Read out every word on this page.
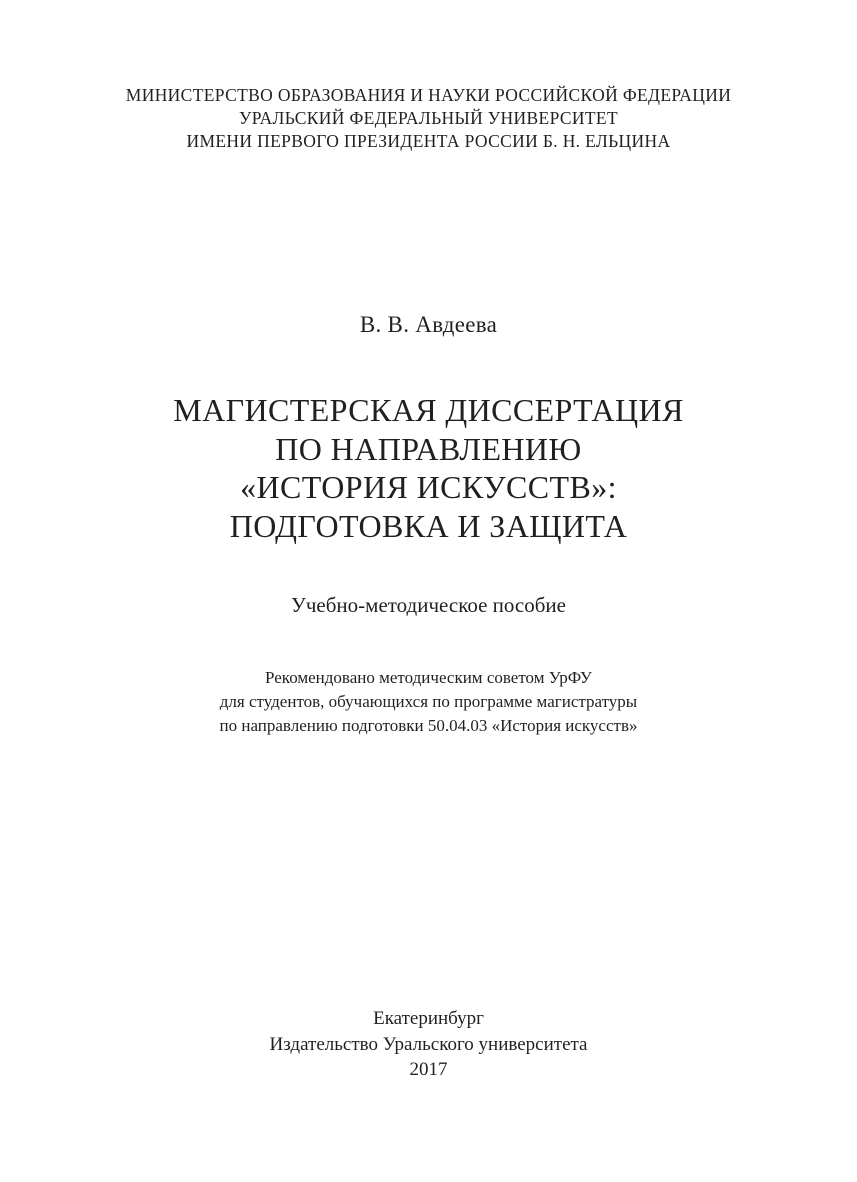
МИНИСТЕРСТВО ОБРАЗОВАНИЯ И НАУКИ РОССИЙСКОЙ ФЕДЕРАЦИИ
УРАЛЬСКИЙ ФЕДЕРАЛЬНЫЙ УНИВЕРСИТЕТ
ИМЕНИ ПЕРВОГО ПРЕЗИДЕНТА РОССИИ Б. Н. ЕЛЬЦИНА
В. В. Авдеева
МАГИСТЕРСКАЯ ДИССЕРТАЦИЯ
ПО НАПРАВЛЕНИЮ
«ИСТОРИЯ ИСКУССТВ»:
ПОДГОТОВКА И ЗАЩИТА
Учебно-методическое пособие
Рекомендовано методическим советом УрФУ
для студентов, обучающихся по программе магистратуры
по направлению подготовки 50.04.03 «История искусств»
Екатеринбург
Издательство Уральского университета
2017
